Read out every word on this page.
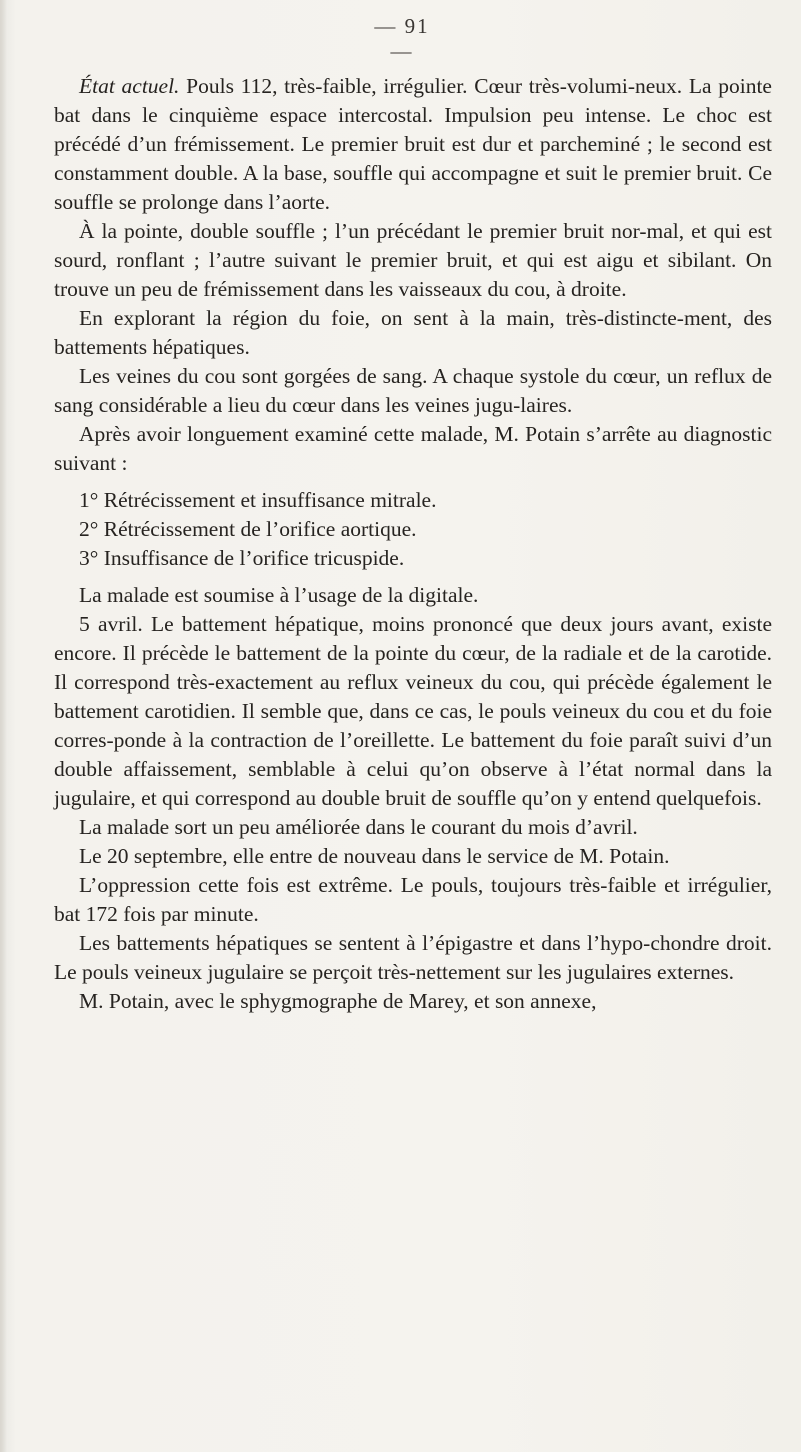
— 91 —

État actuel. Pouls 112, très-faible, irrégulier. Cœur très-volumi-neux. La pointe bat dans le cinquième espace intercostal. Impulsion peu intense. Le choc est précédé d’un frémissement. Le premier bruit est dur et parcheminé ; le second est constamment double. A la base, souffle qui accompagne et suit le premier bruit. Ce souffle se prolonge dans l’aorte.

À la pointe, double souffle ; l’un précédant le premier bruit nor-mal, et qui est sourd, ronflant ; l’autre suivant le premier bruit, et qui est aigu et sibilant. On trouve un peu de frémissement dans les vaisseaux du cou, à droite.

En explorant la région du foie, on sent à la main, très-distincte-ment, des battements hépatiques.

Les veines du cou sont gorgées de sang. A chaque systole du cœur, un reflux de sang considérable a lieu du cœur dans les veines jugu-laires.

Après avoir longuement examiné cette malade, M. Potain s’arrête au diagnostic suivant :

1° Rétrécissement et insuffisance mitrale.

2° Rétrécissement de l’orifice aortique.

3° Insuffisance de l’orifice tricuspide.

La malade est soumise à l’usage de la digitale.

5 avril. Le battement hépatique, moins prononcé que deux jours avant, existe encore. Il précède le battement de la pointe du cœur, de la radiale et de la carotide. Il correspond très-exactement au reflux veineux du cou, qui précède également le battement carotidien. Il semble que, dans ce cas, le pouls veineux du cou et du foie corres-ponde à la contraction de l’oreillette. Le battement du foie paraît suivi d’un double affaissement, semblable à celui qu’on observe à l’état normal dans la jugulaire, et qui correspond au double bruit de souffle qu’on y entend quelquefois.

La malade sort un peu améliorée dans le courant du mois d’avril.

Le 20 septembre, elle entre de nouveau dans le service de M. Potain.

L’oppression cette fois est extrême. Le pouls, toujours très-faible et irrégulier, bat 172 fois par minute.

Les battements hépatiques se sentent à l’épigastre et dans l’hypo-chondre droit. Le pouls veineux jugulaire se perçoit très-nettement sur les jugulaires externes.

M. Potain, avec le sphygmographe de Marey, et son annexe,
